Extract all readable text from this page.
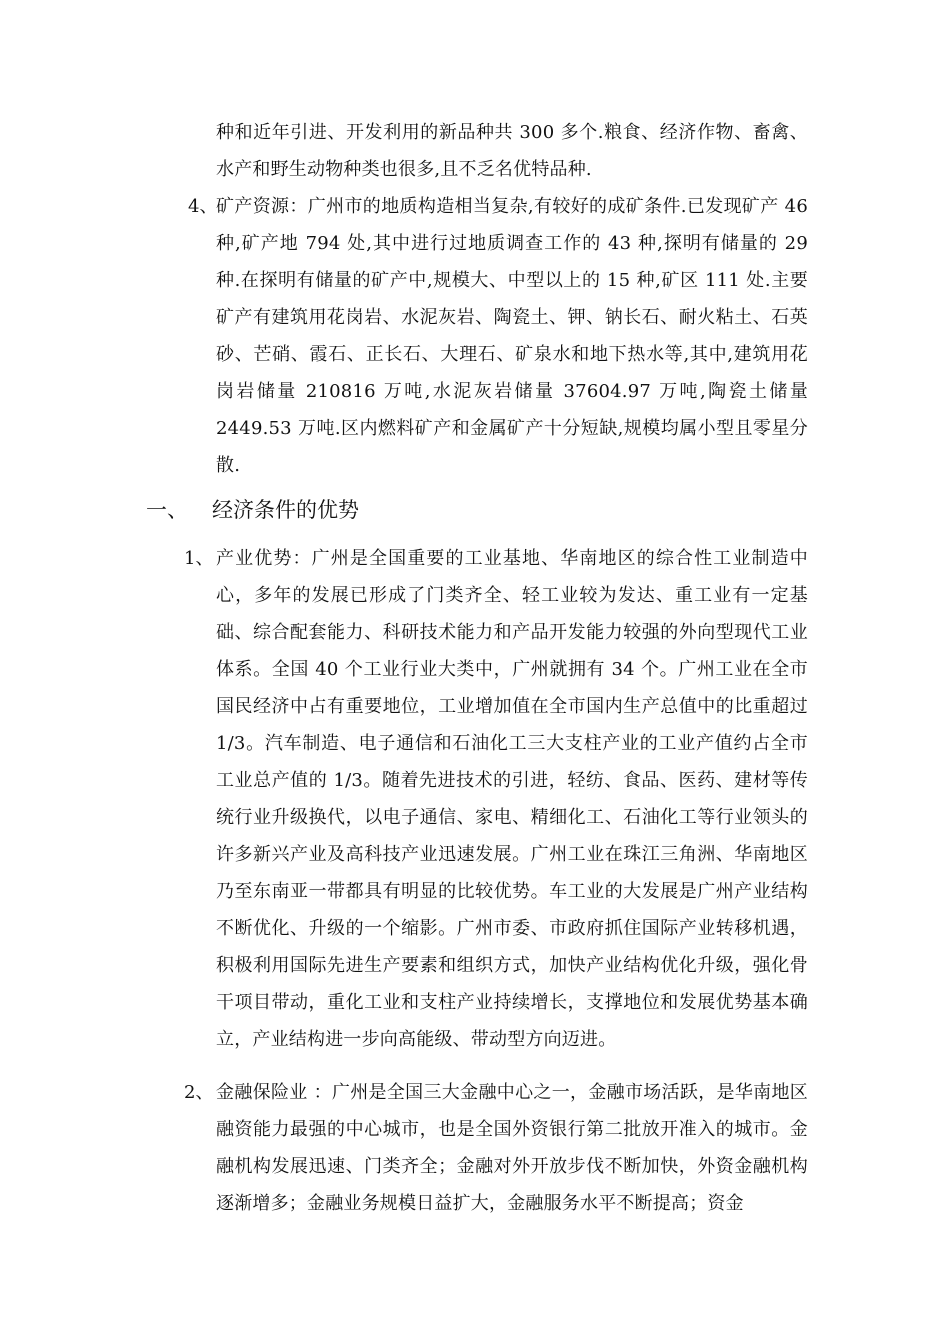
种和近年引进、开发利用的新品种共 300 多个.粮食、经济作物、畜禽、水产和野生动物种类也很多,且不乏名优特品种.

4、

矿产资源：广州市的地质构造相当复杂,有较好的成矿条件.已发现矿产 46 种,矿产地 794 处,其中进行过地质调查工作的 43 种,探明有储量的 29 种.在探明有储量的矿产中,规模大、中型以上的 15 种,矿区 111 处.主要矿产有建筑用花岗岩、水泥灰岩、陶瓷土、钾、钠长石、耐火粘土、石英砂、芒硝、霞石、正长石、大理石、矿泉水和地下热水等,其中,建筑用花岗岩储量 210816 万吨,水泥灰岩储量 37604.97 万吨,陶瓷土储量 2449.53 万吨.区内燃料矿产和金属矿产十分短缺,规模均属小型且零星分散.

一、 经济条件的优势
1、 产业优势：广州是全国重要的工业基地、华南地区的综合性工业制造中心，多年的发展已形成了门类齐全、轻工业较为发达、重工业有一定基础、综合配套能力、科研技术能力和产品开发能力较强的外向型现代工业体系。全国 40 个工业行业大类中，广州就拥有 34 个。广州工业在全市国民经济中占有重要地位，工业增加值在全市国内生产总值中的比重超过 1/3。汽车制造、电子通信和石油化工三大支柱产业的工业产值约占全市工业总产值的 1/3。随着先进技术的引进，轻纺、食品、医药、建材等传统行业升级换代，以电子通信、家电、精细化工、石油化工等行业领头的许多新兴产业及高科技产业迅速发展。广州工业在珠江三角洲、华南地区乃至东南亚一带都具有明显的比较优势。车工业的大发展是广州产业结构不断优化、升级的一个缩影。广州市委、市政府抓住国际产业转移机遇，积极利用国际先进生产要素和组织方式，加快产业结构优化升级，强化骨干项目带动，重化工业和支柱产业持续增长，支撑地位和发展优势基本确立，产业结构进一步向高能级、带动型方向迈进。

2、 金融保险业 ：广州是全国三大金融中心之一，金融市场活跃，是华南地区融资能力最强的中心城市，也是全国外资银行第二批放开准入的城市。金融机构发展迅速、门类齐全；金融对外开放步伐不断加快，外资金融机构逐渐增多；金融业务规模日益扩大，金融服务水平不断提高；资金
